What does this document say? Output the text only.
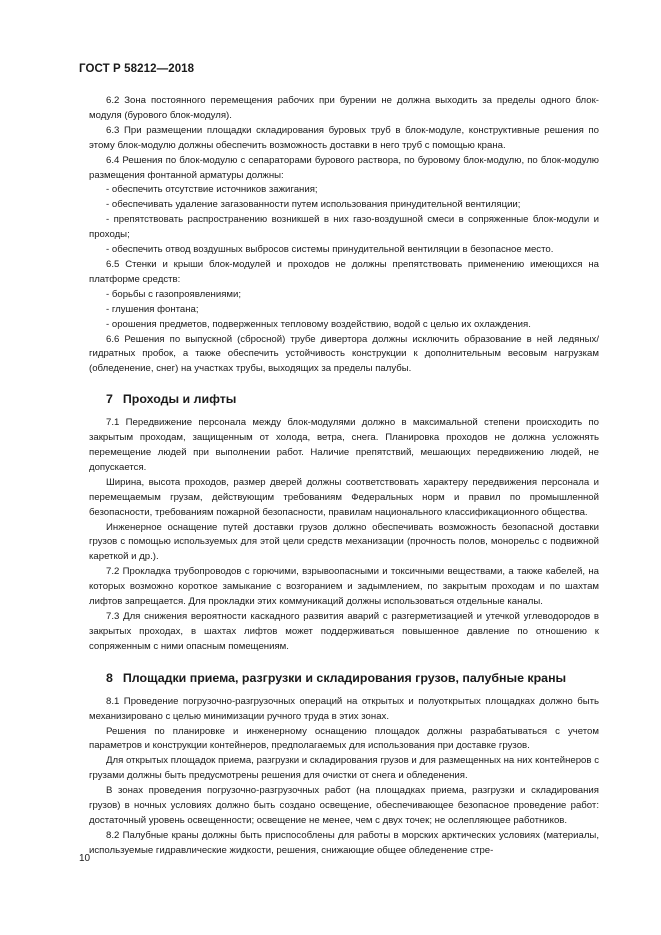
ГОСТ Р 58212—2018

6.2 Зона постоянного перемещения рабочих при бурении не должна выходить за пределы одного блок-модуля (бурового блок-модуля).

6.3 При размещении площадки складирования буровых труб в блок-модуле, конструктивные решения по этому блок-модулю должны обеспечить возможность доставки в него труб с помощью крана.

6.4 Решения по блок-модулю с сепараторами бурового раствора, по буровому блок-модулю, по блок-модулю размещения фонтанной арматуры должны:

- обеспечить отсутствие источников зажигания;

- обеспечивать удаление загазованности путем использования принудительной вентиляции;

- препятствовать распространению возникшей в них газо-воздушной смеси в сопряженные блок-модули и проходы;

- обеспечить отвод воздушных выбросов системы принудительной вентиляции в безопасное место.

6.5 Стенки и крыши блок-модулей и проходов не должны препятствовать применению имеющихся на платформе средств:

- борьбы с газопроявлениями;

- глушения фонтана;

- орошения предметов, подверженных тепловому воздействию, водой с целью их охлаждения.

6.6 Решения по выпускной (сбросной) трубе дивертора должны исключить образование в ней ледяных/гидратных пробок, а также обеспечить устойчивость конструкции к дополнительным весовым нагрузкам (обледенение, снег) на участках трубы, выходящих за пределы палубы.

7 Проходы и лифты

7.1 Передвижение персонала между блок-модулями должно в максимальной степени происходить по закрытым проходам, защищенным от холода, ветра, снега. Планировка проходов не должна усложнять перемещение людей при выполнении работ. Наличие препятствий, мешающих передвижению людей, не допускается.

Ширина, высота проходов, размер дверей должны соответствовать характеру передвижения персонала и перемещаемым грузам, действующим требованиям Федеральных норм и правил по промышленной безопасности, требованиям пожарной безопасности, правилам национального классификационного общества.

Инженерное оснащение путей доставки грузов должно обеспечивать возможность безопасной доставки грузов с помощью используемых для этой цели средств механизации (прочность полов, монорельс с подвижной кареткой и др.).

7.2 Прокладка трубопроводов с горючими, взрывоопасными и токсичными веществами, а также кабелей, на которых возможно короткое замыкание с возгоранием и задымлением, по закрытым проходам и по шахтам лифтов запрещается. Для прокладки этих коммуникаций должны использоваться отдельные каналы.

7.3 Для снижения вероятности каскадного развития аварий с разгерметизацией и утечкой углеводородов в закрытых проходах, в шахтах лифтов может поддерживаться повышенное давление по отношению к сопряженным с ними опасным помещениям.

8 Площадки приема, разгрузки и складирования грузов, палубные краны

8.1 Проведение погрузочно-разгрузочных операций на открытых и полуоткрытых площадках должно быть механизировано с целью минимизации ручного труда в этих зонах.

Решения по планировке и инженерному оснащению площадок должны разрабатываться с учетом параметров и конструкции контейнеров, предполагаемых для использования при доставке грузов.

Для открытых площадок приема, разгрузки и складирования грузов и для размещенных на них контейнеров с грузами должны быть предусмотрены решения для очистки от снега и обледенения.

В зонах проведения погрузочно-разгрузочных работ (на площадках приема, разгрузки и складирования грузов) в ночных условиях должно быть создано освещение, обеспечивающее безопасное проведение работ: достаточный уровень освещенности; освещение не менее, чем с двух точек; не ослепляющее работников.

8.2 Палубные краны должны быть приспособлены для работы в морских арктических условиях (материалы, используемые гидравлические жидкости, решения, снижающие общее обледенение стре-

10
